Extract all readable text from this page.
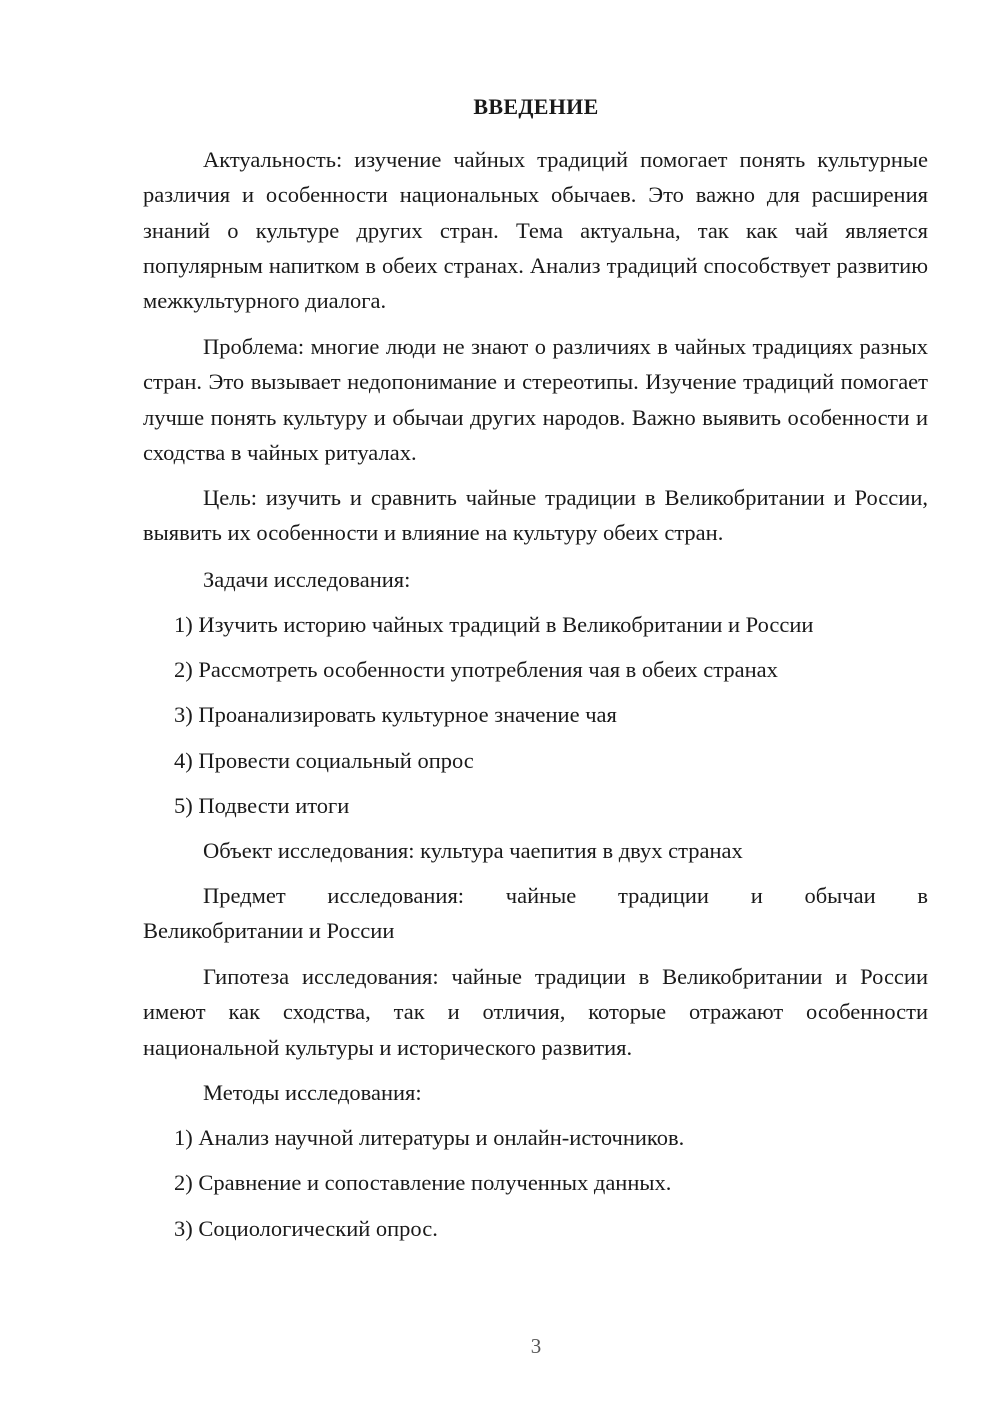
ВВЕДЕНИЕ

Актуальность: изучение чайных традиций помогает понять культурные различия и особенности национальных обычаев. Это важно для расширения знаний о культуре других стран. Тема актуальна, так как чай является популярным напитком в обеих странах. Анализ традиций способствует развитию межкультурного диалога.

Проблема: многие люди не знают о различиях в чайных традициях разных стран. Это вызывает недопонимание и стереотипы. Изучение традиций помогает лучше понять культуру и обычаи других народов. Важно выявить особенности и сходства в чайных ритуалах.

Цель: изучить и сравнить чайные традиции в Великобритании и России, выявить их особенности и влияние на культуру обеих стран.

Задачи исследования:

1) Изучить историю чайных традиций в Великобритании и России

2) Рассмотреть особенности употребления чая в обеих странах

3) Проанализировать культурное значение чая

4) Провести социальный опрос

5) Подвести итоги

Объект исследования: культура чаепития в двух странах

Предмет исследования: чайные традиции и обычаи в

Великобритании и России

Гипотеза исследования: чайные традиции в Великобритании и России имеют как сходства, так и отличия, которые отражают особенности национальной культуры и исторического развития.

Методы исследования:

1) Анализ научной литературы и онлайн-источников.

2) Сравнение и сопоставление полученных данных.

3) Социологический опрос.

3
